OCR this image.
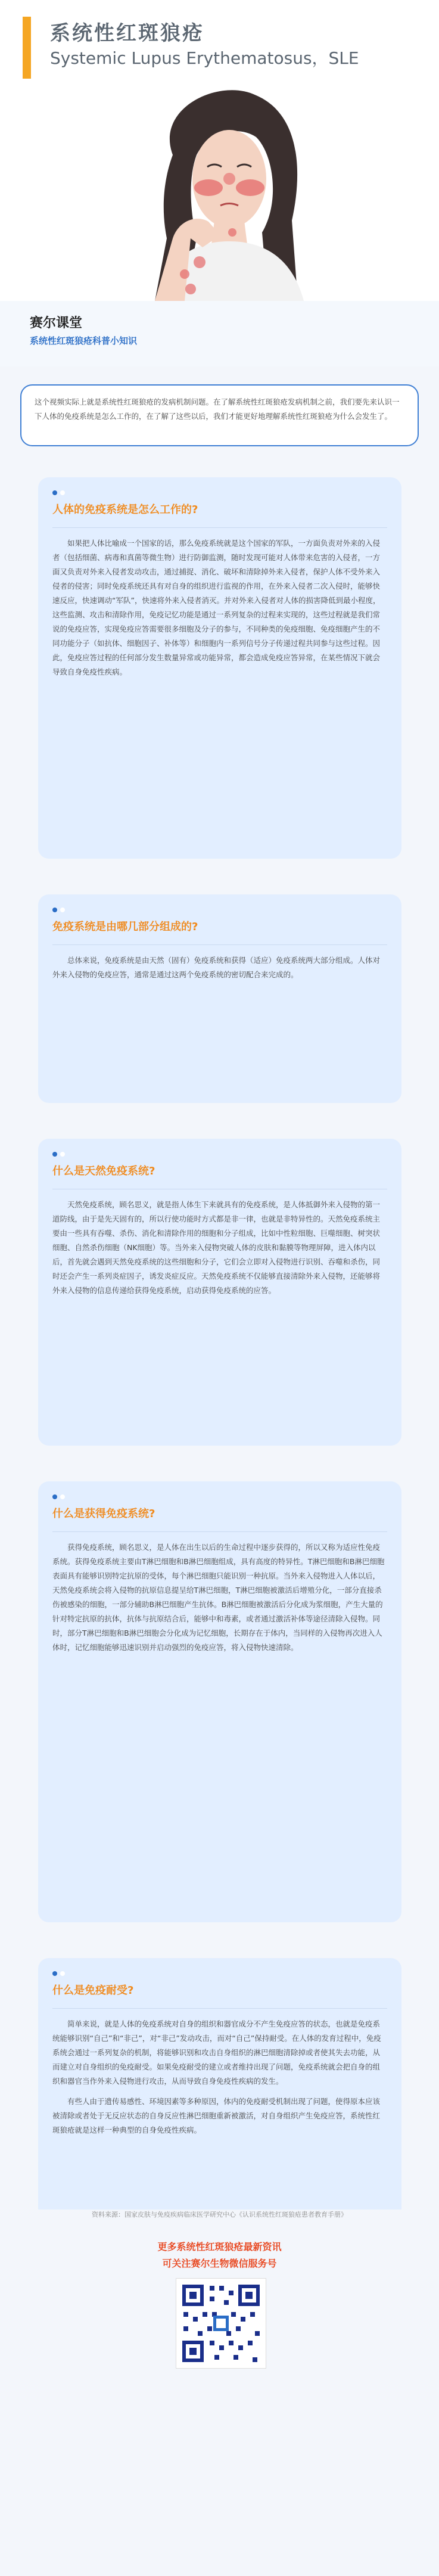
系统性红斑狼疮
Systemic Lupus Erythematosus，SLE
赛尔课堂
系统性红斑狼疮科普小知识

这个视频实际上就是系统性红斑狼疮的发病机制问题。在了解系统性红斑狼疮发病机制之前，我们要先来认识一下人体的免疫系统是怎么工作的，在了解了这些以后，我们才能更好地理解系统性红斑狼疮为什么会发生了。

人体的免疫系统是怎么工作的?

如果把人体比喻成一个国家的话，那么免疫系统就是这个国家的军队，一方面负责对外来的入侵者（包括细菌、病毒和真菌等微生物）进行防御监测，随时发现可能对人体带来危害的入侵者，一方面又负责对外来入侵者发动攻击，通过捕捉、消化、破坏和清除掉外来入侵者，保护人体不受外来入侵者的侵害；同时免疫系统还具有对自身的组织进行监视的作用，在外来入侵者二次入侵时，能够快速反应，快速调动“军队”，快速将外来入侵者消灭。并对外来入侵者对人体的损害降低到最小程度，这些监测、攻击和清除作用，免疫记忆功能是通过一系列复杂的过程来实现的，这些过程就是我们常说的免疫应答，实现免疫应答需要很多细胞及分子的参与，不同种类的免疫细胞、免疫细胞产生的不同功能分子（如抗体、细胞因子、补体等）和细胞内一系列信号分子传递过程共同参与这些过程。因此，免疫应答过程的任何部分发生数量异常或功能异常，都会造成免疫应答异常，在某些情况下就会导致自身免疫性疾病。

免疫系统是由哪几部分组成的?

总体来说，免疫系统是由天然（固有）免疫系统和获得（适应）免疫系统两大部分组成。人体对外来入侵物的免疫应答，通常是通过这两个免疫系统的密切配合来完成的。

什么是天然免疫系统?

天然免疫系统，顾名思义，就是指人体生下来就具有的免疫系统，是人体抵御外来入侵物的第一道防线，由于是先天固有的，所以行使功能时方式都是非一律，也就是非特异性的。天然免疫系统主要由一些具有吞噬、杀伤、消化和清除作用的细胞和分子组成，比如中性粒细胞、巨噬细胞、树突状细胞、自然杀伤细胞（NK细胞）等。当外来入侵物突破人体的皮肤和黏膜等物理屏障，进入体内以后，首先就会遇到天然免疫系统的这些细胞和分子，它们会立即对入侵物进行识别、吞噬和杀伤，同时还会产生一系列炎症因子，诱发炎症反应。天然免疫系统不仅能够直接清除外来入侵物，还能够将外来入侵物的信息传递给获得免疫系统，启动获得免疫系统的应答。

什么是获得免疫系统?

获得免疫系统，顾名思义，是人体在出生以后的生命过程中逐步获得的，所以又称为适应性免疫系统。获得免疫系统主要由T淋巴细胞和B淋巴细胞组成，具有高度的特异性。T淋巴细胞和B淋巴细胞表面具有能够识别特定抗原的受体，每个淋巴细胞只能识别一种抗原。当外来入侵物进入人体以后，天然免疫系统会将入侵物的抗原信息提呈给T淋巴细胞，T淋巴细胞被激活后增殖分化，一部分直接杀伤被感染的细胞，一部分辅助B淋巴细胞产生抗体。B淋巴细胞被激活后分化成为浆细胞，产生大量的针对特定抗原的抗体，抗体与抗原结合后，能够中和毒素，或者通过激活补体等途径清除入侵物。同时，部分T淋巴细胞和B淋巴细胞会分化成为记忆细胞，长期存在于体内，当同样的入侵物再次进入人体时，记忆细胞能够迅速识别并启动强烈的免疫应答，将入侵物快速清除。

什么是免疫耐受?

简单来说，就是人体的免疫系统对自身的组织和器官成分不产生免疫应答的状态，也就是免疫系统能够识别“自己”和“非己”，对“非己”发动攻击，而对“自己”保持耐受。在人体的发育过程中，免疫系统会通过一系列复杂的机制，将能够识别和攻击自身组织的淋巴细胞清除掉或者使其失去功能，从而建立对自身组织的免疫耐受。如果免疫耐受的建立或者维持出现了问题，免疫系统就会把自身的组织和器官当作外来入侵物进行攻击，从而导致自身免疫性疾病的发生。

有些人由于遗传易感性、环境因素等多种原因，体内的免疫耐受机制出现了问题，使得原本应该被清除或者处于无反应状态的自身反应性淋巴细胞重新被激活，对自身组织产生免疫应答，系统性红斑狼疮就是这样一种典型的自身免疫性疾病。

资料来源：国家皮肤与免疫疾病临床医学研究中心《认识系统性红斑狼疮患者教育手册》
更多系统性红斑狼疮最新资讯
可关注赛尔生物微信服务号
